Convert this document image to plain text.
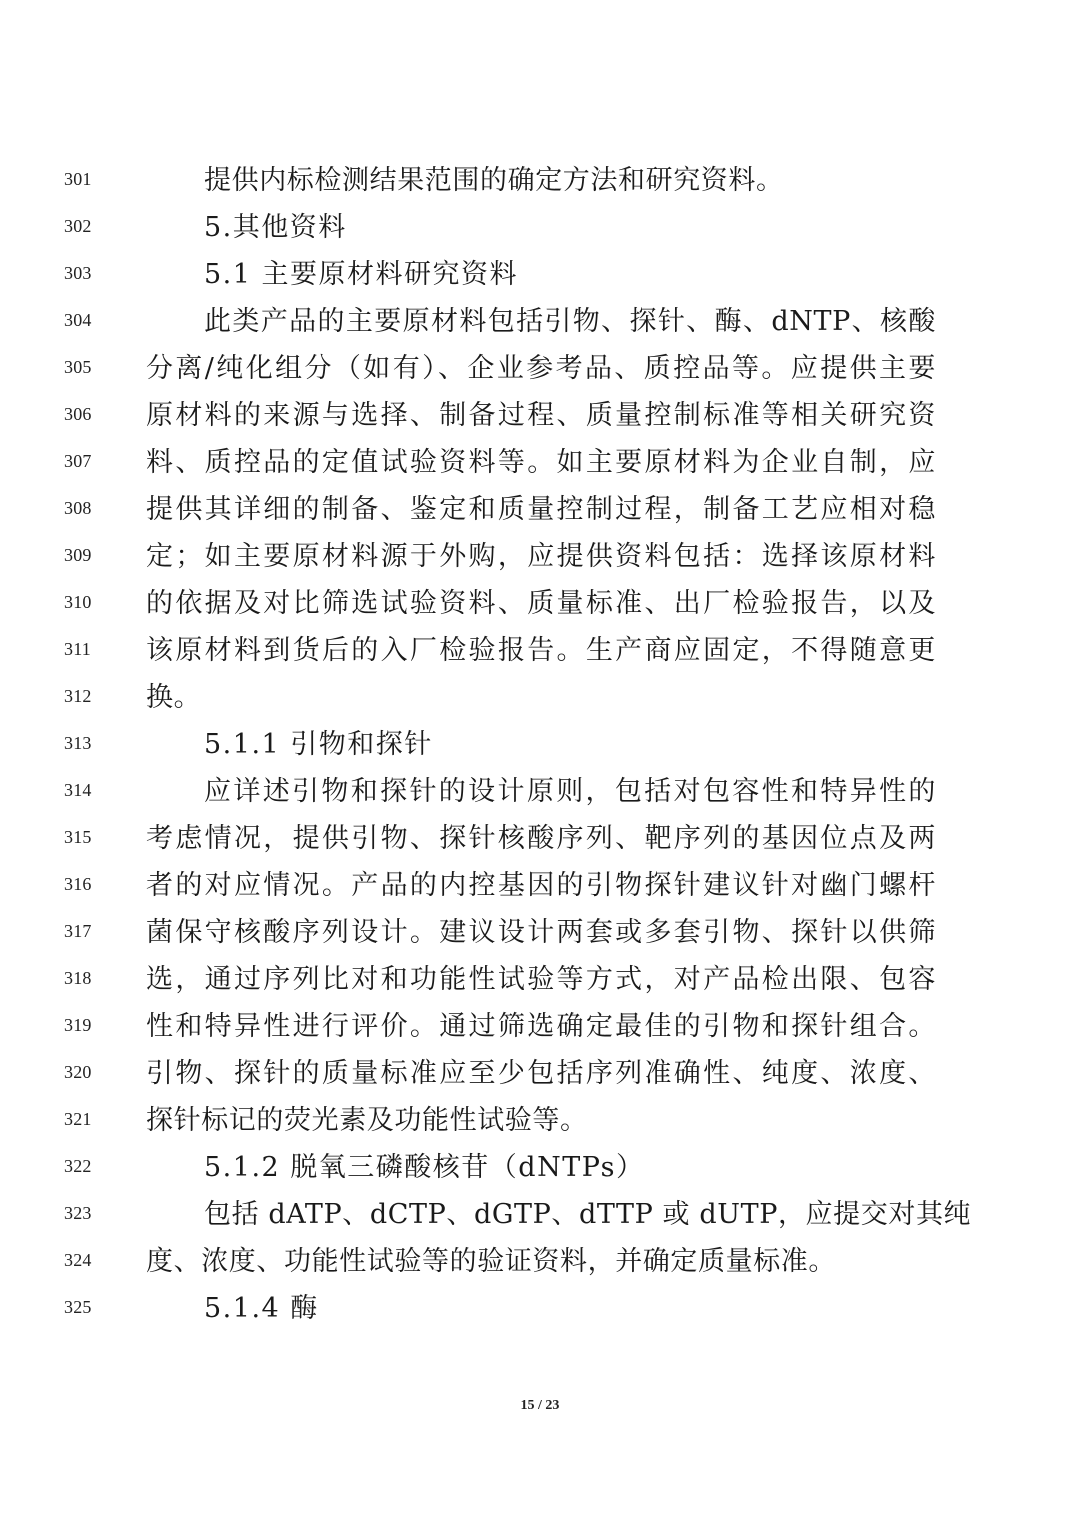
301	提供内标检测结果范围的确定方法和研究资料。
302	5.其他资料
303	5.1 主要原材料研究资料
304	此类产品的主要原材料包括引物、探针、酶、dNTP、核酸
305	分离/纯化组分（如有）、企业参考品、质控品等。应提供主要
306	原材料的来源与选择、制备过程、质量控制标准等相关研究资
307	料、质控品的定值试验资料等。如主要原材料为企业自制，应
308	提供其详细的制备、鉴定和质量控制过程，制备工艺应相对稳
309	定；如主要原材料源于外购，应提供资料包括：选择该原材料
310	的依据及对比筛选试验资料、质量标准、出厂检验报告，以及
311	该原材料到货后的入厂检验报告。生产商应固定，不得随意更
312	换。
313	5.1.1 引物和探针
314	应详述引物和探针的设计原则，包括对包容性和特异性的
315	考虑情况，提供引物、探针核酸序列、靶序列的基因位点及两
316	者的对应情况。产品的内控基因的引物探针建议针对幽门螺杆
317	菌保守核酸序列设计。建议设计两套或多套引物、探针以供筛
318	选，通过序列比对和功能性试验等方式，对产品检出限、包容
319	性和特异性进行评价。通过筛选确定最佳的引物和探针组合。
320	引物、探针的质量标准应至少包括序列准确性、纯度、浓度、
321	探针标记的荧光素及功能性试验等。
322	5.1.2 脱氧三磷酸核苷（dNTPs）
323	包括 dATP、dCTP、dGTP、dTTP 或 dUTP，应提交对其纯
324	度、浓度、功能性试验等的验证资料，并确定质量标准。
325	5.1.4 酶
15 / 23
